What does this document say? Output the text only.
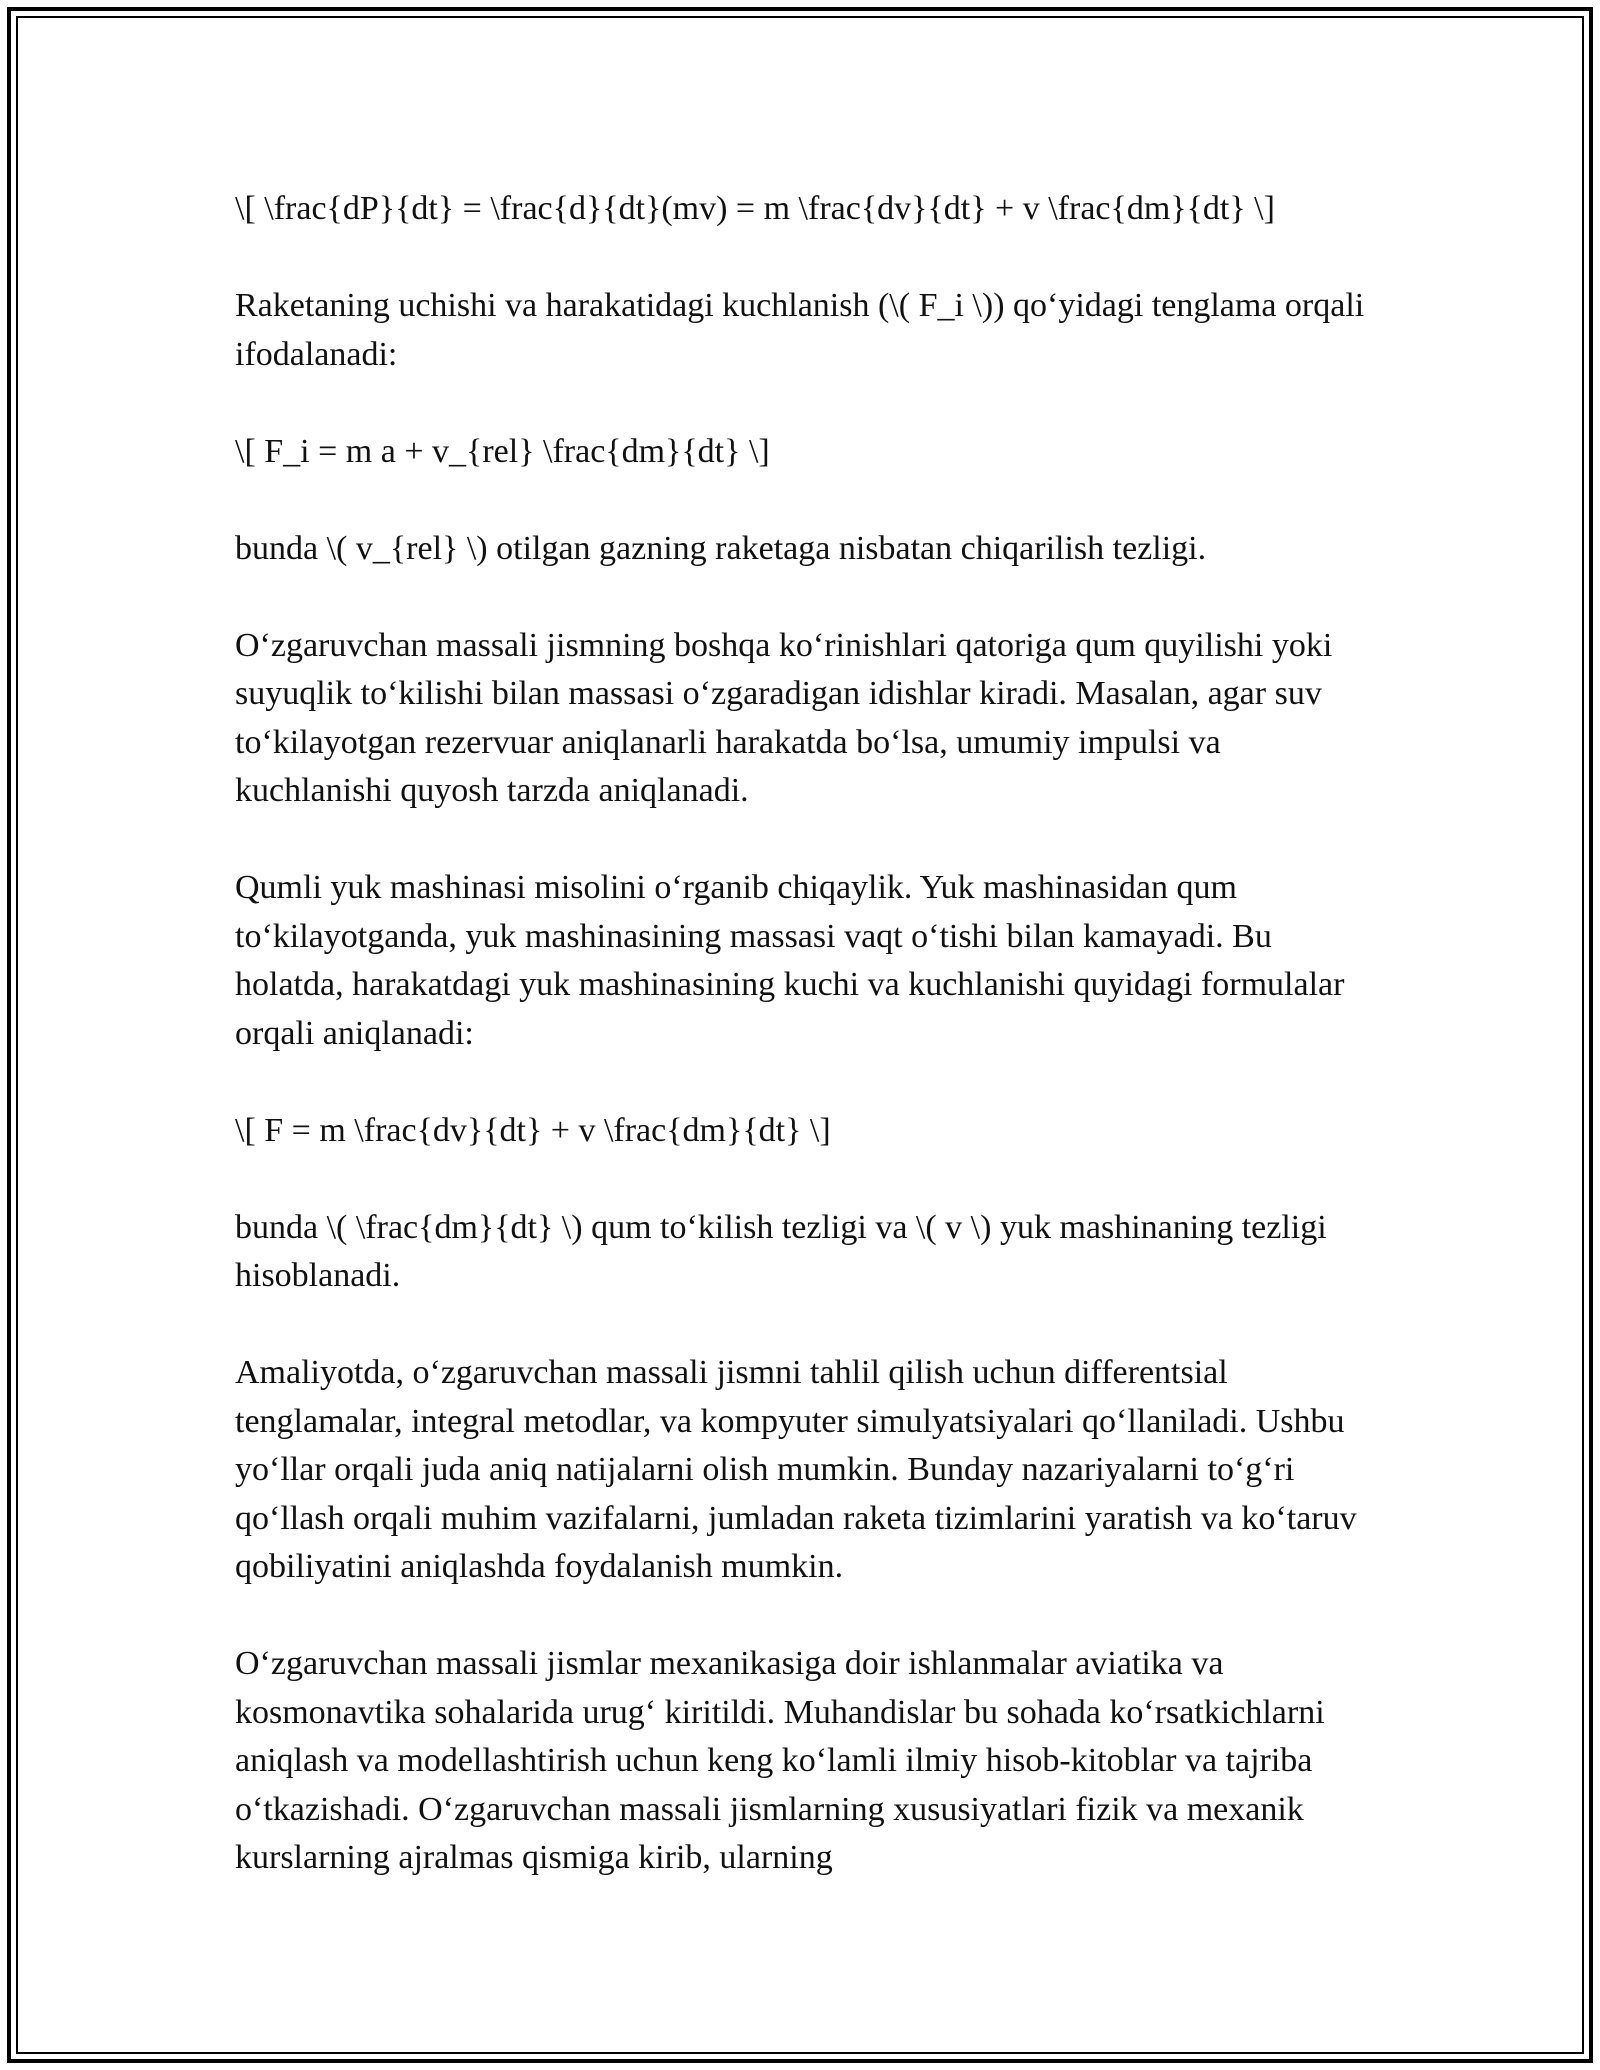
\[ \frac{dP}{dt} = \frac{d}{dt}(mv) = m \frac{dv}{dt} + v \frac{dm}{dt} \]

Raketaning uchishi va harakatidagi kuchlanish (\( F_i \)) qo‘yidagi tenglama orqali ifodalanadi:

\[ F_i = m a + v_{rel} \frac{dm}{dt} \]

bunda \( v_{rel} \) otilgan gazning raketaga nisbatan chiqarilish tezligi.

O‘zgaruvchan massali jismning boshqa ko‘rinishlari qatoriga qum quyilishi yoki suyuqlik to‘kilishi bilan massasi o‘zgaradigan idishlar kiradi. Masalan, agar suv to‘kilayotgan rezervuar aniqlanarli harakatda bo‘lsa, umumiy impulsi va kuchlanishi quyosh tarzda aniqlanadi.

Qumli yuk mashinasi misolini o‘rganib chiqaylik. Yuk mashinasidan qum to‘kilayotganda, yuk mashinasining massasi vaqt o‘tishi bilan kamayadi. Bu holatda, harakatdagi yuk mashinasining kuchi va kuchlanishi quyidagi formulalar orqali aniqlanadi:

\[ F = m \frac{dv}{dt} + v \frac{dm}{dt} \]

bunda \( \frac{dm}{dt} \) qum to‘kilish tezligi va \( v \) yuk mashinaning tezligi hisoblanadi.

Amaliyotda, o‘zgaruvchan massali jismni tahlil qilish uchun differentsial tenglamalar, integral metodlar, va kompyuter simulyatsiyalari qo‘llaniladi. Ushbu yo‘llar orqali juda aniq natijalarni olish mumkin. Bunday nazariyalarni to‘g‘ri qo‘llash orqali muhim vazifalarni, jumladan raketa tizimlarini yaratish va ko‘taruv qobiliyatini aniqlashda foydalanish mumkin.

O‘zgaruvchan massali jismlar mexanikasiga doir ishlanmalar aviatika va kosmonavtika sohalarida urug‘ kiritildi. Muhandislar bu sohada ko‘rsatkichlarni aniqlash va modellashtirish uchun keng ko‘lamli ilmiy hisob-kitoblar va tajriba o‘tkazishadi. O‘zgaruvchan massali jismlarning xususiyatlari fizik va mexanik kurslarning ajralmas qismiga kirib, ularning
